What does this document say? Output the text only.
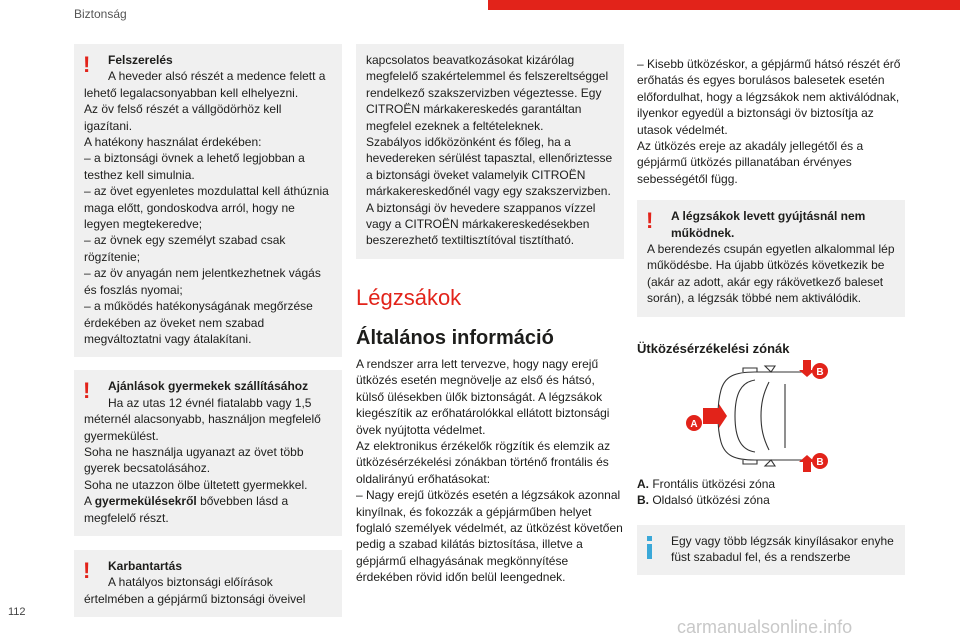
Biztonság
!	Felszerelés

A heveder alsó részét a medence felett a lehető legalacsonyabban kell elhelyezni.

Az öv felső részét a vállgödörhöz kell igazítani.

A hatékony használat érdekében:

– a biztonsági övnek a lehető legjobban a testhez kell simulnia.

– az övet egyenletes mozdulattal kell áthúznia maga előtt, gondoskodva arról, hogy ne legyen megtekeredve;

– az övnek egy személyt szabad csak rögzítenie;

– az öv anyagán nem jelentkezhetnek vágás és foszlás nyomai;

– a működés hatékonyságának megőrzése érdekében az öveket nem szabad megváltoztatni vagy átalakítani.

!	Ajánlások gyermekek szállításához

Ha az utas 12 évnél fiatalabb vagy 1,5 méternél alacsonyabb, használjon megfelelő gyermekülést.

Soha ne használja ugyanazt az övet több gyerek becsatolásához.

Soha ne utazzon ölbe ültetett gyermekkel.

A gyermekülésekről bővebben lásd a megfelelő részt.

!	Karbantartás

A hatályos biztonsági előírások értelmében a gépjármű biztonsági öveivel

kapcsolatos beavatkozásokat kizárólag megfelelő szakértelemmel és felszereltséggel rendelkező szakszervizben végeztesse. Egy CITROËN márkakereskedés garantáltan megfelel ezeknek a feltételeknek.

Szabályos időközönként és főleg, ha a hevedereken sérülést tapasztal, ellenőriztesse a biztonsági öveket valamelyik CITROËN márkakereskedőnél vagy egy szakszervizben.

A biztonsági öv hevedere szappanos vízzel vagy a CITROËN márkakereskedésekben beszerezhető textiltisztítóval tisztítható.

Légzsákok
Általános információ

A rendszer arra lett tervezve, hogy nagy erejű ütközés esetén megnövelje az első és hátsó, külső ülésekben ülők biztonságát. A légzsákok kiegészítik az erőhatárolókkal ellátott biztonsági övek nyújtotta védelmet.

Az elektronikus érzékelők rögzítik és elemzik az ütközésérzékelési zónákban történő frontális és oldalirányú erőhatásokat:

– Nagy erejű ütközés esetén a légzsákok azonnal kinyílnak, és fokozzák a gépjárműben helyet foglaló személyek védelmét, az ütközést követően pedig a szabad kilátás biztosítása, illetve a gépjármű elhagyásának megkönnyítése érdekében rövid időn belül leengednek.

– Kisebb ütközéskor, a gépjármű hátsó részét érő erőhatás és egyes borulásos balesetek esetén előfordulhat, hogy a légzsákok nem aktiválódnak, ilyenkor egyedül a biztonsági öv biztosítja az utasok védelmét.

Az ütközés ereje az akadály jellegétől és a gépjármű ütközés pillanatában érvényes sebességétől függ.

!	A légzsákok levett gyújtásnál nem működnek.

A berendezés csupán egyetlen alkalommal lép működésbe. Ha újabb ütközés következik be (akár az adott, akár egy rákövetkező baleset során), a légzsák többé nem aktiválódik.

Ütközésérzékelési zónák
A
B
B

A. Frontális ütközési zóna

B. Oldalsó ütközési zóna

Egy vagy több légzsák kinyílásakor enyhe füst szabadul fel, és a rendszerbe

112
carmanualsonline.info
